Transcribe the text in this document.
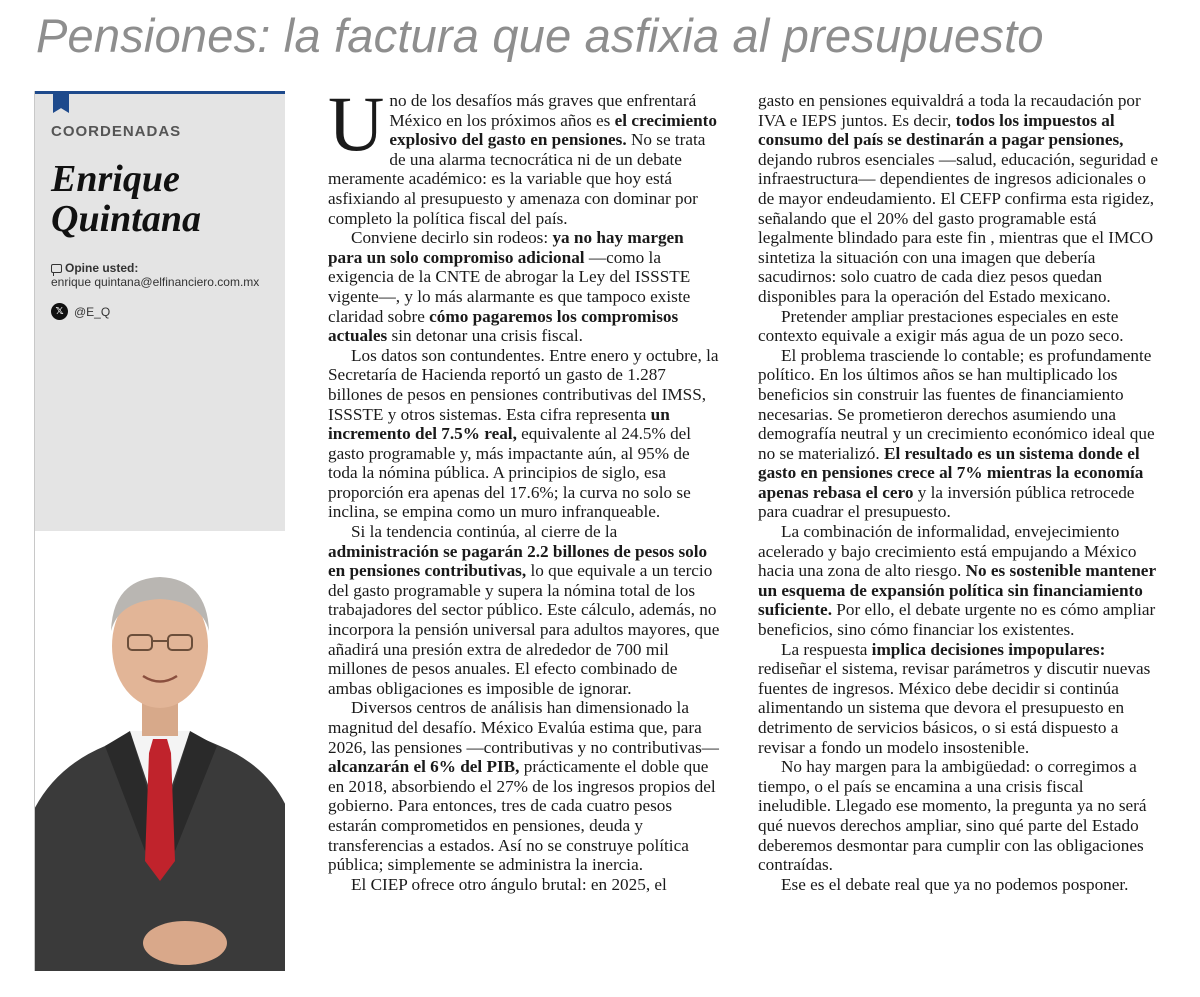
Pensiones: la factura que asfixia al presupuesto
COORDENADAS
Enrique
Quintana
Opine usted:
enrique quintana@elfinanciero.com.mx
𝕏 @E_Q

Uno de los desafíos más graves que enfrentará México en los próximos años es el crecimiento explosivo del gasto en pensiones. No se trata de una alarma tecnocrática ni de un debate meramente académico: es la variable que hoy está asfixiando al presupuesto y amenaza con dominar por completo la política fiscal del país.

Conviene decirlo sin rodeos: ya no hay margen para un solo compromiso adicional —como la exigencia de la CNTE de abrogar la Ley del ISSSTE vigente—, y lo más alarmante es que tampoco existe claridad sobre cómo pagaremos los compromisos actuales sin detonar una crisis fiscal.

Los datos son contundentes. Entre enero y octubre, la Secretaría de Hacienda reportó un gasto de 1.287 billones de pesos en pensiones contributivas del IMSS, ISSSTE y otros sistemas. Esta cifra representa un incremento del 7.5% real, equivalente al 24.5% del gasto programable y, más impactante aún, al 95% de toda la nómina pública. A principios de siglo, esa proporción era apenas del 17.6%; la curva no solo se inclina, se empina como un muro infranqueable.

Si la tendencia continúa, al cierre de la administración se pagarán 2.2 billones de pesos solo en pensiones contributivas, lo que equivale a un tercio del gasto programable y supera la nómina total de los trabajadores del sector público. Este cálculo, además, no incorpora la pensión universal para adultos mayores, que añadirá una presión extra de alrededor de 700 mil millones de pesos anuales. El efecto combinado de ambas obligaciones es imposible de ignorar.

Diversos centros de análisis han dimensionado la magnitud del desafío. México Evalúa estima que, para 2026, las pensiones —contributivas y no contributivas— alcanzarán el 6% del PIB, prácticamente el doble que en 2018, absorbiendo el 27% de los ingresos propios del gobierno. Para entonces, tres de cada cuatro pesos estarán comprometidos en pensiones, deuda y transferencias a estados. Así no se construye política pública; simplemente se administra la inercia.

El CIEP ofrece otro ángulo brutal: en 2025, el

gasto en pensiones equivaldrá a toda la recaudación por IVA e IEPS juntos. Es decir, todos los impuestos al consumo del país se destinarán a pagar pensiones, dejando rubros esenciales —salud, educación, seguridad e infraestructura— dependientes de ingresos adicionales o de mayor endeudamiento. El CEFP confirma esta rigidez, señalando que el 20% del gasto programable está legalmente blindado para este fin , mientras que el IMCO sintetiza la situación con una imagen que debería sacudirnos: solo cuatro de cada diez pesos quedan disponibles para la operación del Estado mexicano.

Pretender ampliar prestaciones especiales en este contexto equivale a exigir más agua de un pozo seco.

El problema trasciende lo contable; es profundamente político. En los últimos años se han multiplicado los beneficios sin construir las fuentes de financiamiento necesarias. Se prometieron derechos asumiendo una demografía neutral y un crecimiento económico ideal que no se materializó. El resultado es un sistema donde el gasto en pensiones crece al 7% mientras la economía apenas rebasa el cero y la inversión pública retrocede para cuadrar el presupuesto.

La combinación de informalidad, envejecimiento acelerado y bajo crecimiento está empujando a México hacia una zona de alto riesgo. No es sostenible mantener un esquema de expansión política sin financiamiento suficiente. Por ello, el debate urgente no es cómo ampliar beneficios, sino cómo financiar los existentes.

La respuesta implica decisiones impopulares: rediseñar el sistema, revisar parámetros y discutir nuevas fuentes de ingresos. México debe decidir si continúa alimentando un sistema que devora el presupuesto en detrimento de servicios básicos, o si está dispuesto a revisar a fondo un modelo insostenible.

No hay margen para la ambigüedad: o corregimos a tiempo, o el país se encamina a una crisis fiscal ineludible. Llegado ese momento, la pregunta ya no será qué nuevos derechos ampliar, sino qué parte del Estado deberemos desmontar para cumplir con las obligaciones contraídas.

Ese es el debate real que ya no podemos posponer.
